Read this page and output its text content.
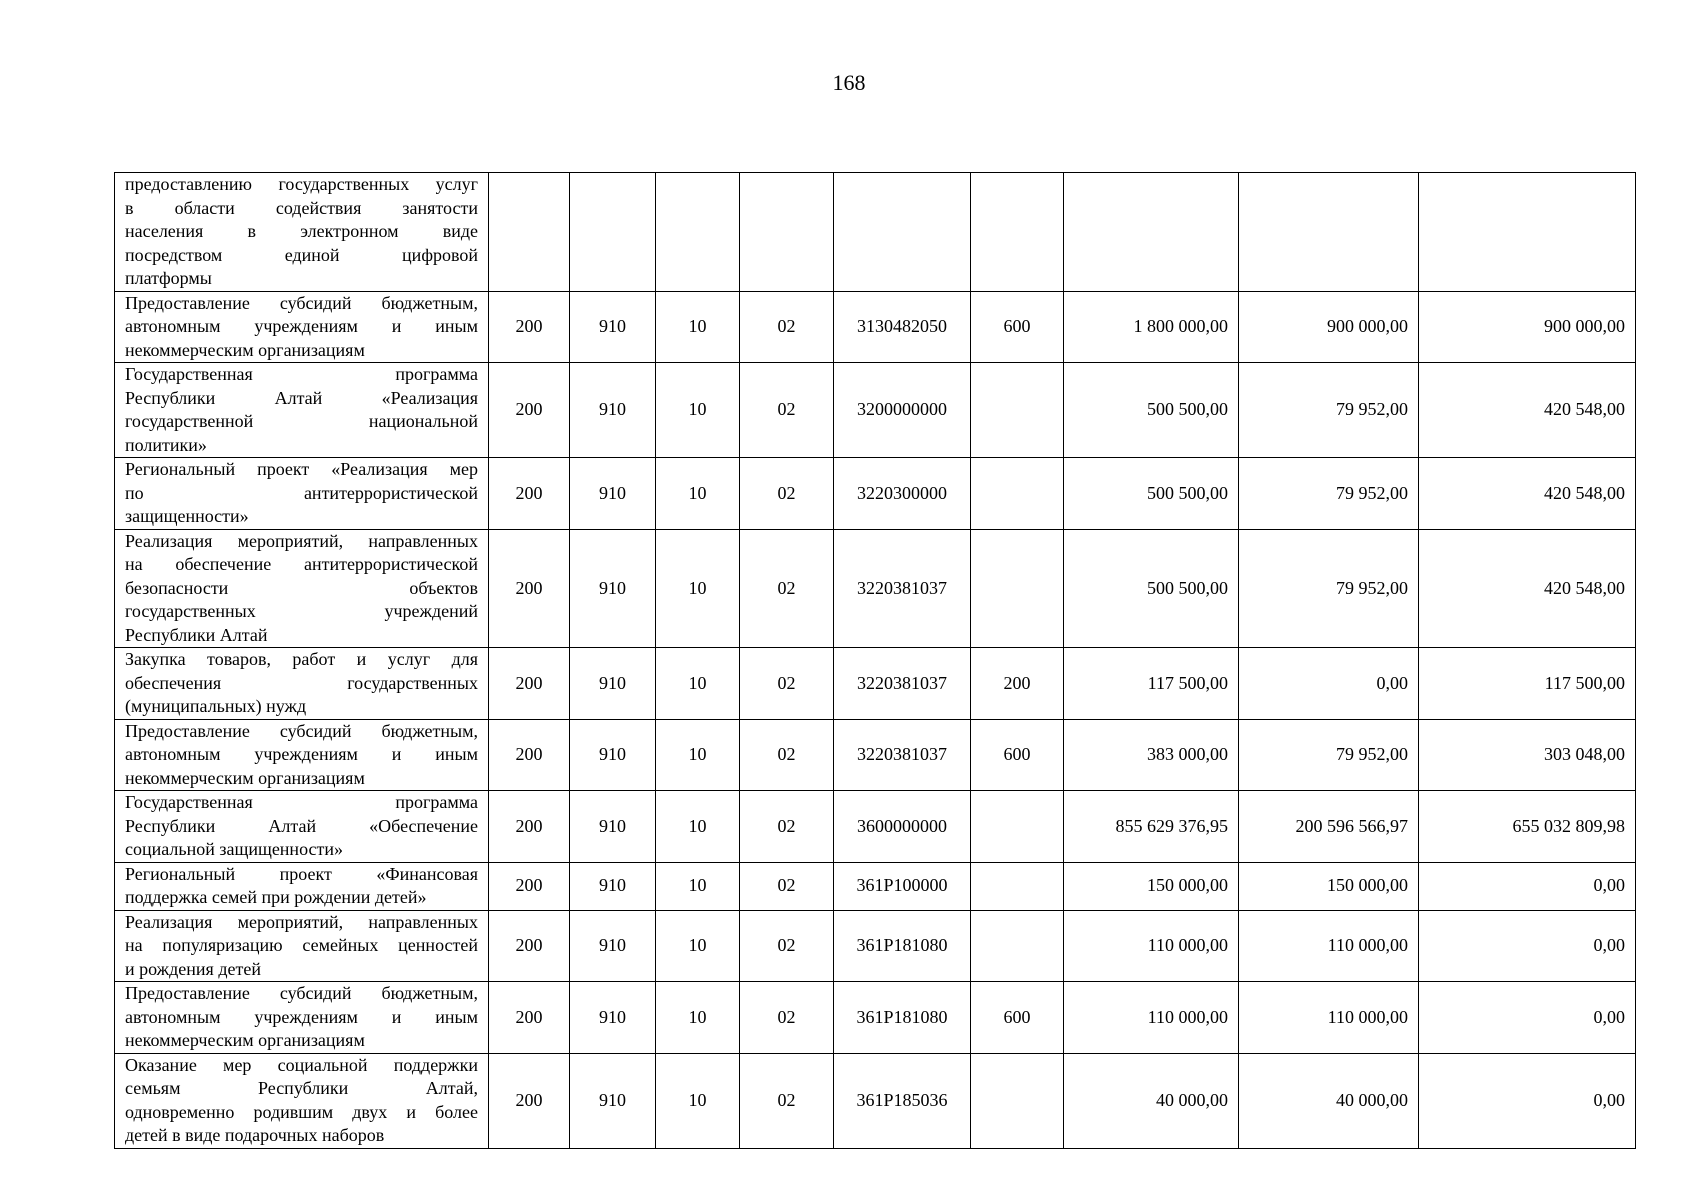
168
предоставлению государственных услуг
в области содействия занятости
населения в электронном виде
посредством единой цифровой
платформы									

Предоставление субсидий бюджетным,
автономным учреждениям и иным
некоммерческим организациям	200	910	10	02	3130482050	600	1 800 000,00	900 000,00	900 000,00

Государственная программа
Республики Алтай «Реализация
государственной национальной
политики»	200	910	10	02	3200000000		500 500,00	79 952,00	420 548,00

Региональный проект «Реализация мер
по антитеррористической
защищенности»	200	910	10	02	3220300000		500 500,00	79 952,00	420 548,00

Реализация мероприятий, направленных
на обеспечение антитеррористической
безопасности объектов
государственных учреждений
Республики Алтай	200	910	10	02	3220381037		500 500,00	79 952,00	420 548,00

Закупка товаров, работ и услуг для
обеспечения государственных
(муниципальных) нужд	200	910	10	02	3220381037	200	117 500,00	0,00	117 500,00

Предоставление субсидий бюджетным,
автономным учреждениям и иным
некоммерческим организациям	200	910	10	02	3220381037	600	383 000,00	79 952,00	303 048,00

Государственная программа
Республики Алтай «Обеспечение
социальной защищенности»	200	910	10	02	3600000000		855 629 376,95	200 596 566,97	655 032 809,98

Региональный проект «Финансовая
поддержка семей при рождении детей»	200	910	10	02	361P100000		150 000,00	150 000,00	0,00

Реализация мероприятий, направленных
на популяризацию семейных ценностей
и рождения детей	200	910	10	02	361P181080		110 000,00	110 000,00	0,00

Предоставление субсидий бюджетным,
автономным учреждениям и иным
некоммерческим организациям	200	910	10	02	361P181080	600	110 000,00	110 000,00	0,00

Оказание мер социальной поддержки
семьям Республики Алтай,
одновременно родившим двух и более
детей в виде подарочных наборов	200	910	10	02	361P185036		40 000,00	40 000,00	0,00
